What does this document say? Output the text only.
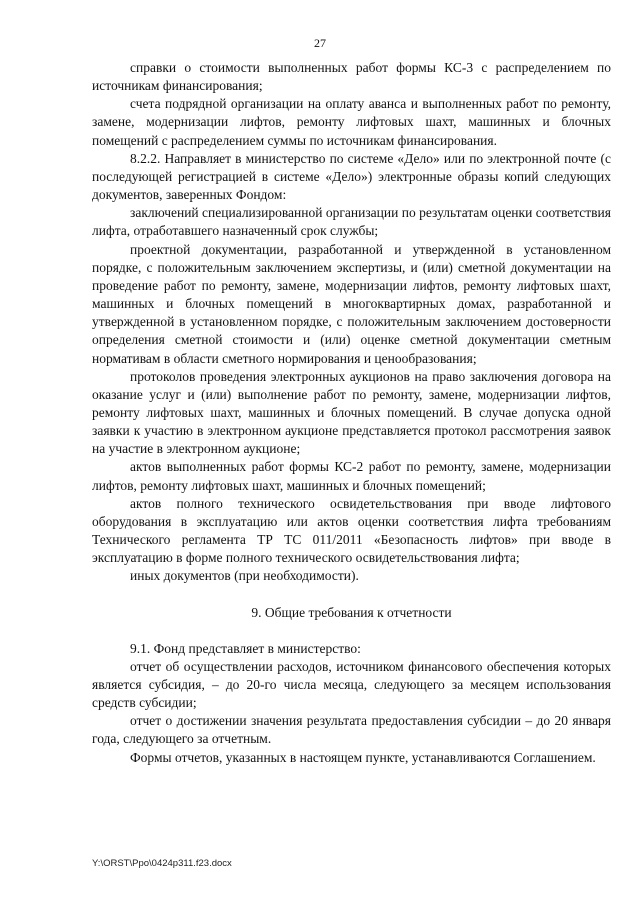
27

справки о стоимости выполненных работ формы КС-3 с распределением по источникам финансирования;

счета подрядной организации на оплату аванса и выполненных работ по ремонту, замене, модернизации лифтов, ремонту лифтовых шахт, машинных и блочных помещений с распределением суммы по источникам финансирования.

8.2.2. Направляет в министерство по системе «Дело» или по электронной почте (с последующей регистрацией в системе «Дело») электронные образы копий следующих документов, заверенных Фондом:

заключений специализированной организации по результатам оценки соответствия лифта, отработавшего назначенный срок службы;

проектной документации, разработанной и утвержденной в установленном порядке, с положительным заключением экспертизы, и (или) сметной документации на проведение работ по ремонту, замене, модернизации лифтов, ремонту лифтовых шахт, машинных и блочных помещений в многоквартирных домах, разработанной и утвержденной в установленном порядке, с положительным заключением достоверности определения сметной стоимости и (или) оценке сметной документации сметным нормативам в области сметного нормирования и ценообразования;

протоколов проведения электронных аукционов на право заключения договора на оказание услуг и (или) выполнение работ по ремонту, замене, модернизации лифтов, ремонту лифтовых шахт, машинных и блочных помещений. В случае допуска одной заявки к участию в электронном аукционе представляется протокол рассмотрения заявок на участие в электронном аукционе;

актов выполненных работ формы КС-2 работ по ремонту, замене, модернизации лифтов, ремонту лифтовых шахт, машинных и блочных помещений;

актов полного технического освидетельствования при вводе лифтового оборудования в эксплуатацию или актов оценки соответствия лифта требованиям Технического регламента ТР ТС 011/2011 «Безопасность лифтов» при вводе в эксплуатацию в форме полного технического освидетельствования лифта;

иных документов (при необходимости).

9. Общие требования к отчетности

9.1. Фонд представляет в министерство:

отчет об осуществлении расходов, источником финансового обеспечения которых является субсидия, – до 20-го числа месяца, следующего за месяцем использования средств субсидии;

отчет о достижении значения результата предоставления субсидии – до 20 января года, следующего за отчетным.

Формы отчетов, указанных в настоящем пункте, устанавливаются Соглашением.

Y:\ORST\Ppo\0424p311.f23.docx
